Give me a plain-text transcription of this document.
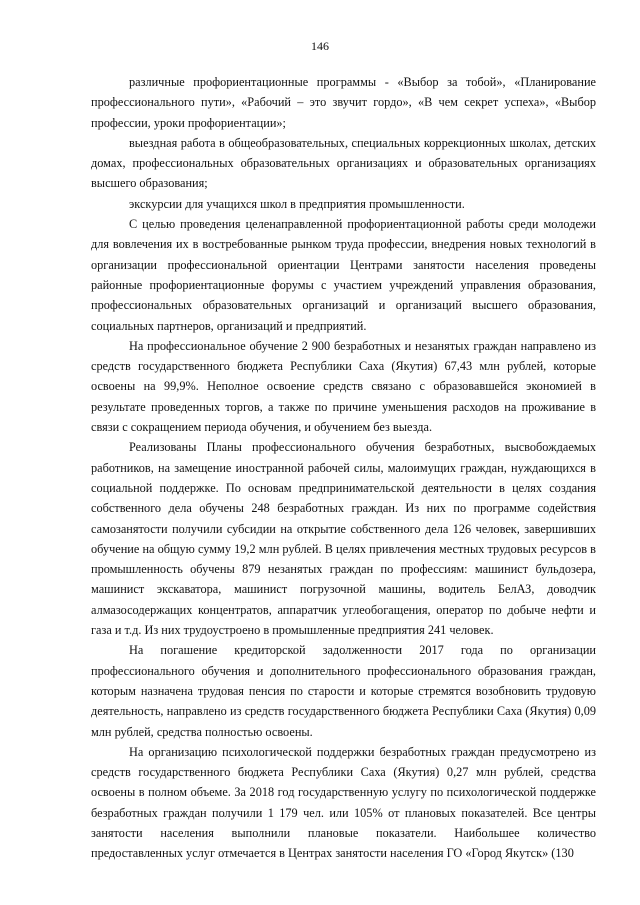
146

различные профориентационные программы - «Выбор за тобой», «Планирование профессионального пути», «Рабочий – это звучит гордо», «В чем секрет успеха», «Выбор профессии, уроки профориентации»;

выездная работа в общеобразовательных, специальных коррекционных школах, детских домах, профессиональных образовательных организациях и образовательных организациях высшего образования;

экскурсии для учащихся школ в предприятия промышленности.

С целью проведения целенаправленной профориентационной работы среди молодежи для вовлечения их в востребованные рынком труда профессии, внедрения новых технологий в организации профессиональной ориентации Центрами занятости населения проведены районные профориентационные форумы с участием учреждений управления образования, профессиональных образовательных организаций и организаций высшего образования, социальных партнеров, организаций и предприятий.

На профессиональное обучение 2 900 безработных и незанятых граждан направлено из средств государственного бюджета Республики Саха (Якутия) 67,43 млн рублей, которые освоены на 99,9%. Неполное освоение средств связано с образовавшейся экономией в результате проведенных торгов, а также по причине уменьшения расходов на проживание в связи с сокращением периода обучения, и обучением без выезда.

Реализованы Планы профессионального обучения безработных, высвобождаемых работников, на замещение иностранной рабочей силы, малоимущих граждан, нуждающихся в социальной поддержке. По основам предпринимательской деятельности в целях создания собственного дела обучены 248 безработных граждан. Из них по программе содействия самозанятости получили субсидии на открытие собственного дела 126 человек, завершивших обучение на общую сумму 19,2 млн рублей. В целях привлечения местных трудовых ресурсов в промышленность обучены 879 незанятых граждан по профессиям: машинист бульдозера, машинист экскаватора, машинист погрузочной машины, водитель БелАЗ, доводчик алмазосодержащих концентратов, аппаратчик углеобогащения, оператор по добыче нефти и газа и т.д. Из них трудоустроено в промышленные предприятия 241 человек.

На погашение кредиторской задолженности 2017 года по организации профессионального обучения и дополнительного профессионального образования граждан, которым назначена трудовая пенсия по старости и которые стремятся возобновить трудовую деятельность, направлено из средств государственного бюджета Республики Саха (Якутия) 0,09 млн рублей, средства полностью освоены.

На организацию психологической поддержки безработных граждан предусмотрено из средств государственного бюджета Республики Саха (Якутия) 0,27 млн рублей, средства освоены в полном объеме. За 2018 год государственную услугу по психологической поддержке безработных граждан получили 1 179 чел. или 105% от плановых показателей. Все центры занятости населения выполнили плановые показатели. Наибольшее количество предоставленных услуг отмечается в Центрах занятости населения ГО «Город Якутск» (130
